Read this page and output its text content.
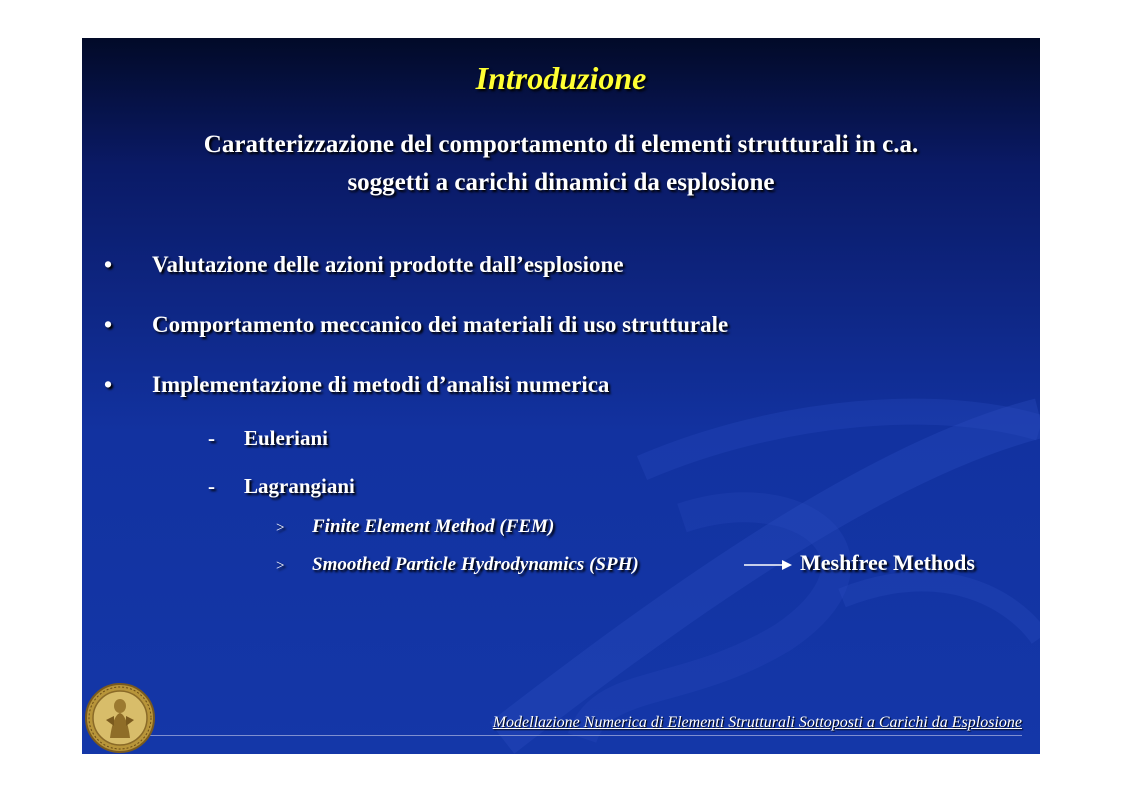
Introduzione
Caratterizzazione del comportamento di elementi strutturali in c.a.
soggetti a carichi dinamici da esplosione
• Valutazione delle azioni prodotte dall’esplosione
• Comportamento meccanico dei materiali di uso strutturale
• Implementazione di metodi d’analisi numerica
- Euleriani
- Lagrangiani
> Finite Element Method (FEM)
> Smoothed Particle Hydrodynamics (SPH)	Meshfree Methods
Modellazione Numerica di Elementi Strutturali Sottoposti a Carichi da Esplosione
